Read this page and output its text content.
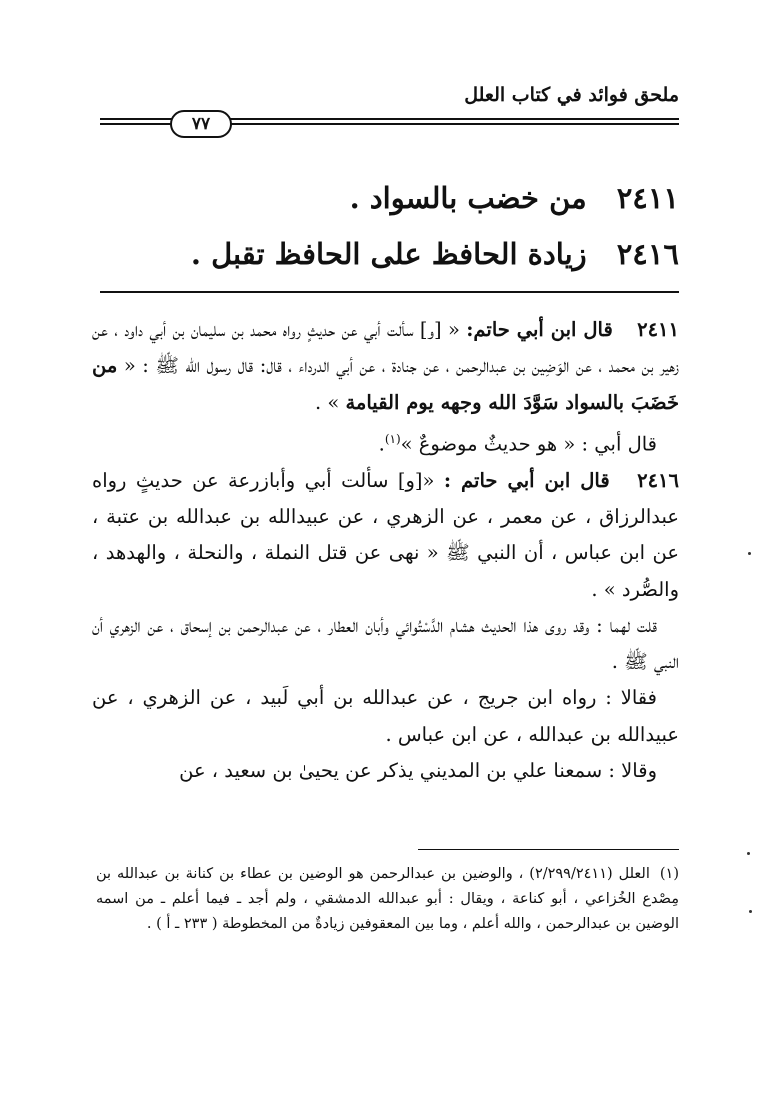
ملحق فوائد في كتاب العلل
٧٧
٢٤١١من خضب بالسواد .
٢٤١٦زيادة الحافظ على الحافظ تقبل .

٢٤١١ قال ابن أبي حاتم: « [و] سألت أبي عن حديثٍ رواه محمد بن سليمان بن أبي داود ، عن زهير بن محمد ، عن الوَضِين بن عبدالرحمن ، عن جنادة ، عن أبي الدرداء ، قال: قال رسول الله ﷺ : « من خَضَبَ بالسواد سَوَّدَ الله وجهه يوم القيامة » .

قال أبي : « هو حديثٌ موضوعٌ »$^{(١)}$.

٢٤١٦ قال ابن أبي حاتم : «[و] سألت أبي وأبازرعة عن حديثٍ رواه عبدالرزاق ، عن معمر ، عن الزهري ، عن عبيدالله بن عبدالله بن عتبة ، عن ابن عباس ، أن النبي ﷺ « نهى عن قتل النملة ، والنحلة ، والهدهد ، والصُّرد » .

قلت لهما : وقد روى هذا الحديث هشام الدَّسْتُوائي وأبان العطار ، عن عبدالرحمن بن إسحاق ، عن الزهري أن النبي ﷺ .

فقالا : رواه ابن جريج ، عن عبدالله بن أبي لَبيد ، عن الزهري ، عن عبيدالله بن عبدالله ، عن ابن عباس .

وقالا : سمعنا علي بن المديني يذكر عن يحيىٰ بن سعيد ، عن

(١)العلل (٢/٢٩٩/٢٤١١) ، والوضين بن عبدالرحمن هو الوضين بن عطاء بن كنانة بن عبدالله بن مِصْدع الخُزاعي ، أبو كناعة ، ويقال : أبو عبدالله الدمشقي ، ولم أجد ـ فيما أعلم ـ من اسمه الوضين بن عبدالرحمن ، والله أعلم ، وما بين المعقوفين زيادةٌ من المخطوطة ( ٢٣٣ ـ أ ) .
